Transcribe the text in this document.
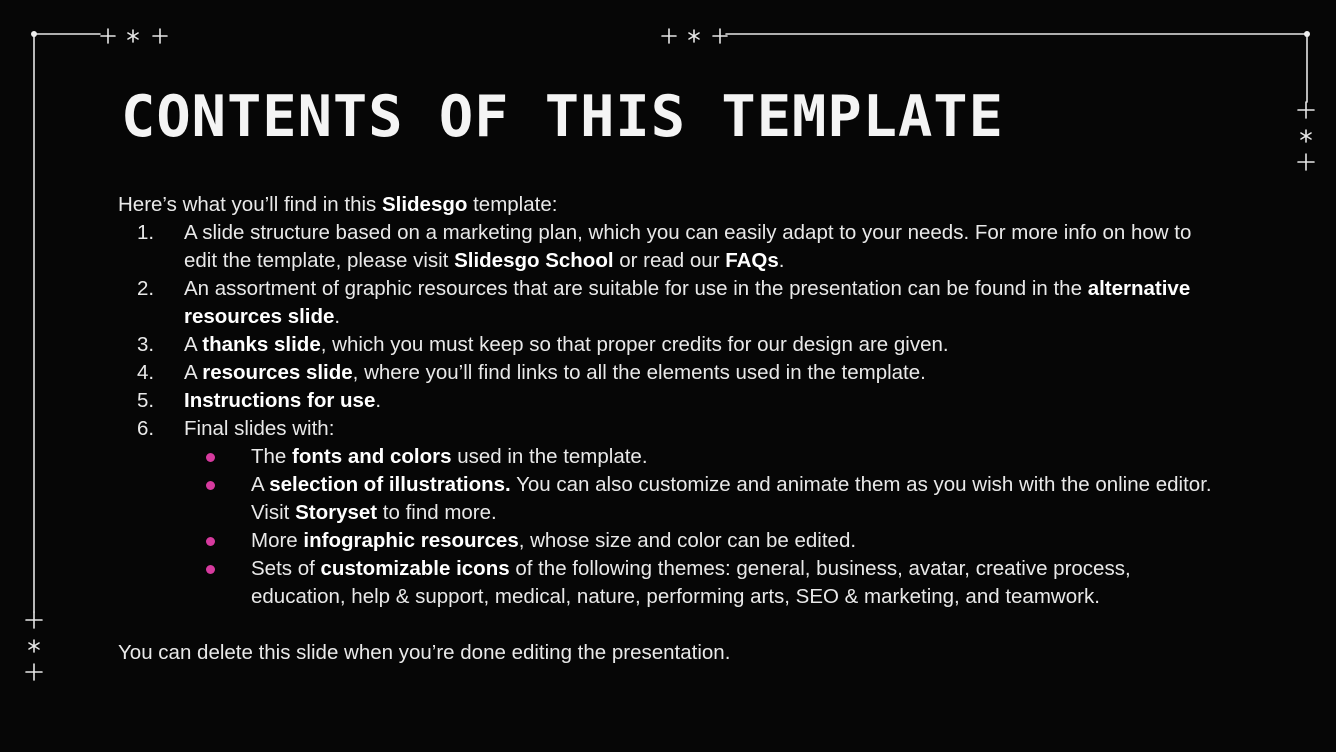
CONTENTS OF THIS TEMPLATE

Here’s what you’ll find in this Slidesgo template:

1. A slide structure based on a marketing plan, which you can easily adapt to your needs. For more info on how to edit the template, please visit Slidesgo School or read our FAQs.
2. An assortment of graphic resources that are suitable for use in the presentation can be found in the alternative resources slide.
3. A thanks slide, which you must keep so that proper credits for our design are given.
4. A resources slide, where you’ll find links to all the elements used in the template.
5. Instructions for use.
6. Final slides with:
The fonts and colors used in the template.
A selection of illustrations. You can also customize and animate them as you wish with the online editor. Visit Storyset to find more.
More infographic resources, whose size and color can be edited.
Sets of customizable icons of the following themes: general, business, avatar, creative process, education, help & support, medical, nature, performing arts, SEO & marketing, and teamwork.

You can delete this slide when you’re done editing the presentation.
